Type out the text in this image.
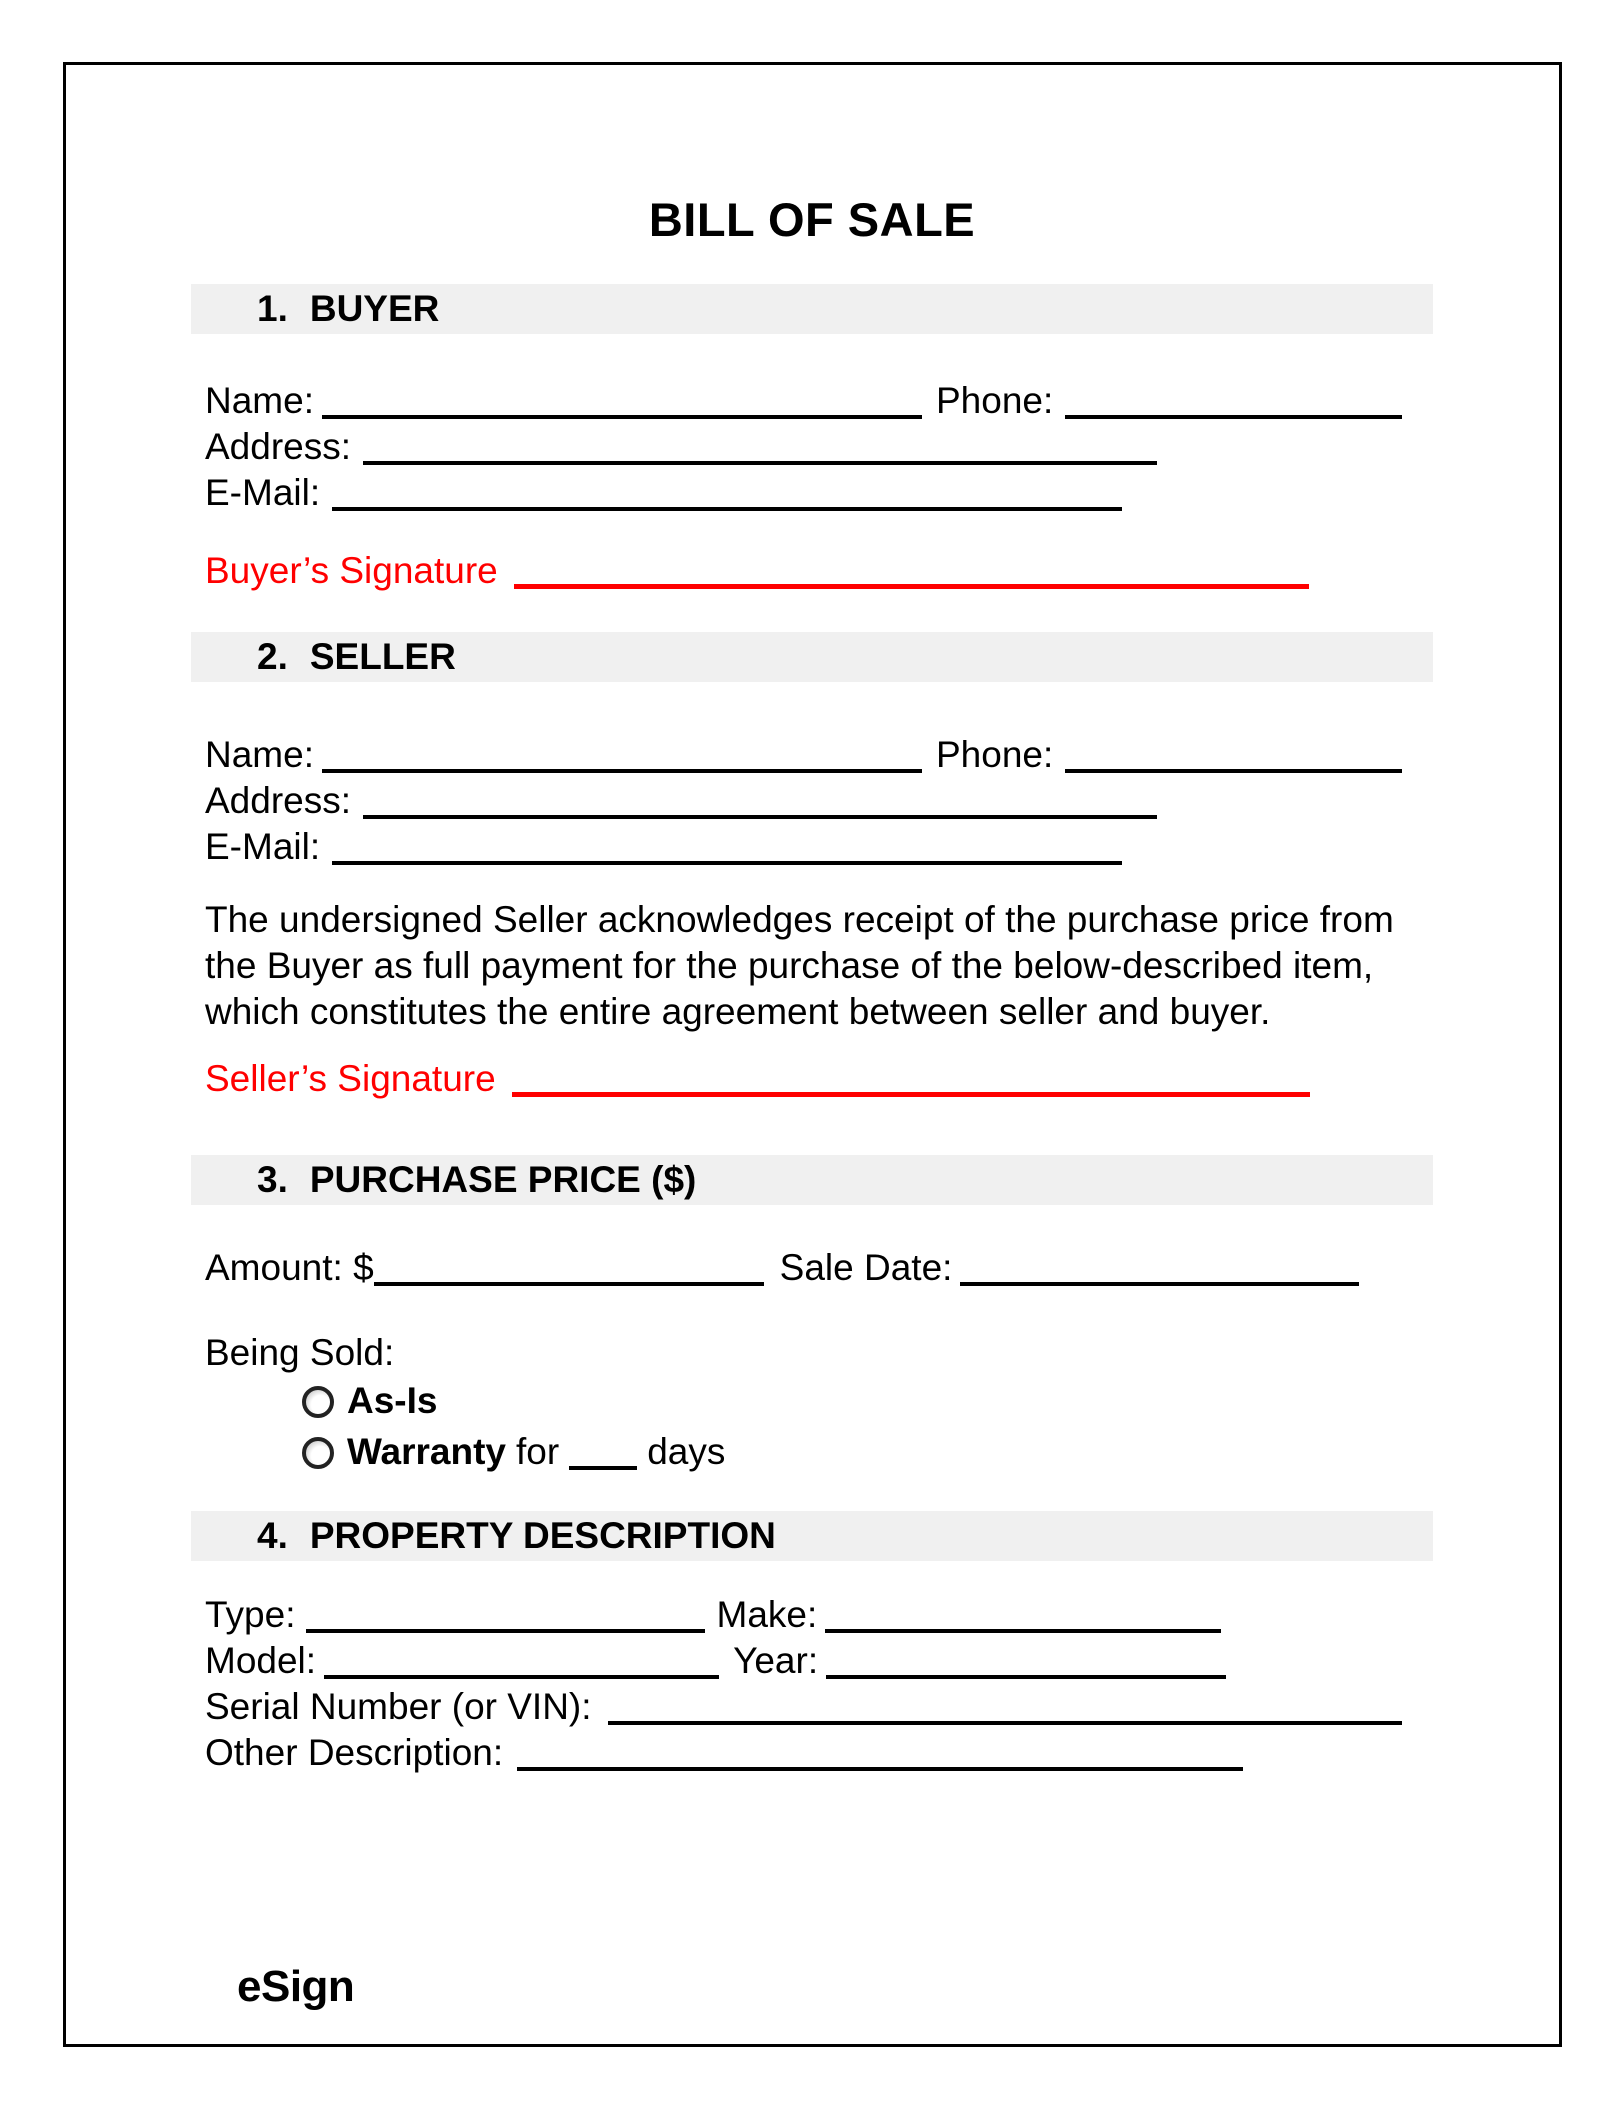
BILL OF SALE
1. BUYER
Name:	Phone:
Address:
E-Mail:
Buyer’s Signature
2. SELLER
Name:	Phone:
Address:
E-Mail:
The undersigned Seller acknowledges receipt of the purchase price from the Buyer as full payment for the purchase of the below-described item, which constitutes the entire agreement between seller and buyer.
Seller’s Signature
3. PURCHASE PRICE ($)
Amount: $	Sale Date:
Being Sold:
As-Is
Warranty for days
4. PROPERTY DESCRIPTION
Type:	Make:
Model:	Year:
Serial Number (or VIN):
Other Description:
eSign
